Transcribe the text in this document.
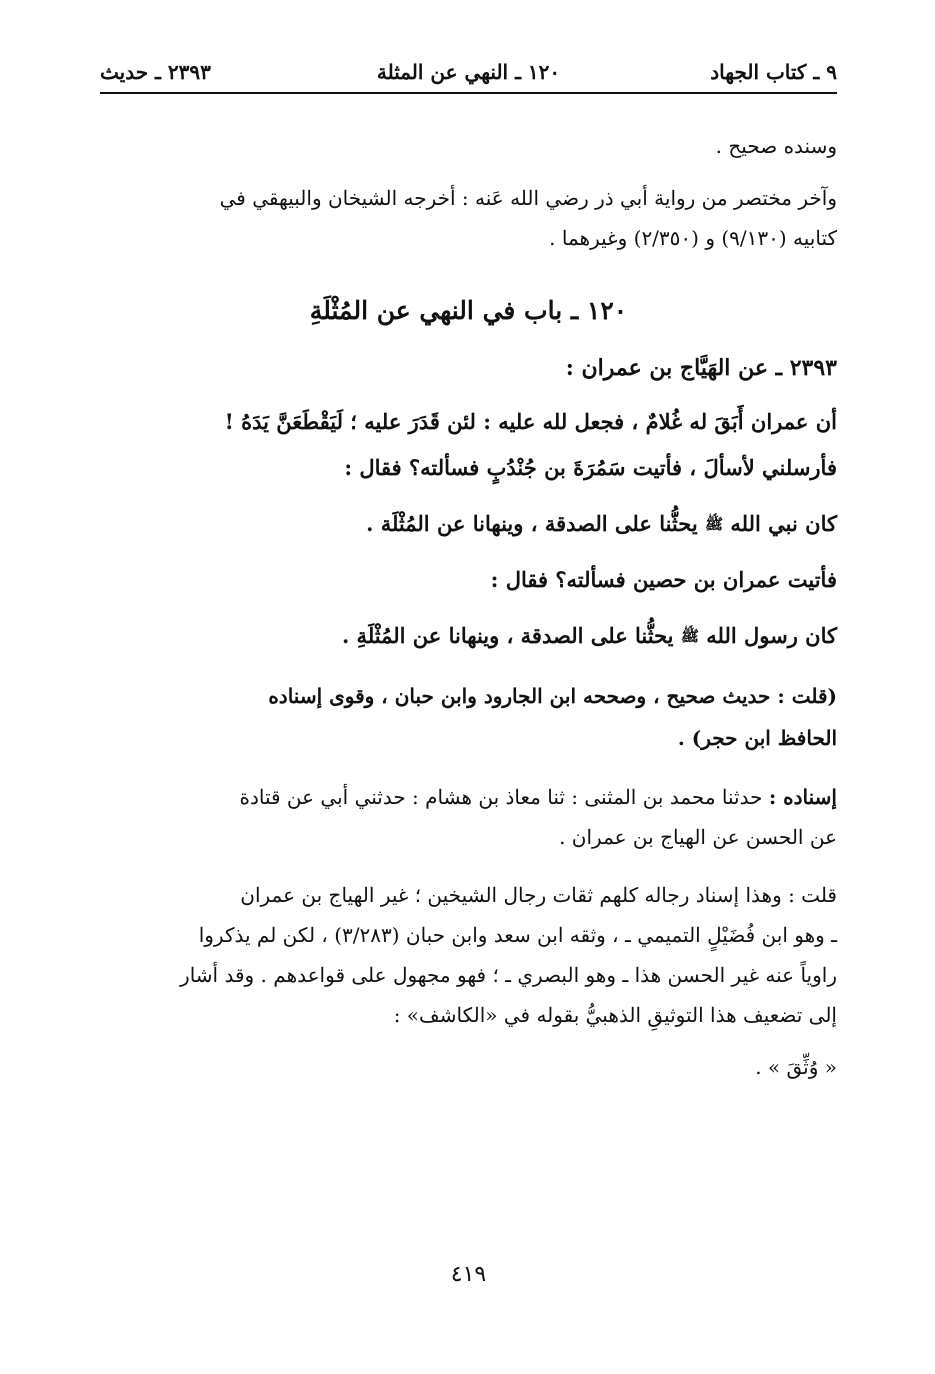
٩ ـ كتاب الجهاد
١٢٠ ـ النهي عن المثلة
٢٣٩٣ ـ حديث

وسنده صحيح .

وآخر مختصر من رواية أبي ذر رضي الله عَنه : أخرجه الشيخان والبيهقي في

كتابيه (٩/١٣٠) و (٢/٣٥٠) وغيرهما .

١٢٠ ـ باب في النهي عن المُثْلَةِ

٢٣٩٣ ـ عن الهَيَّاج بن عمران :

أن عمران أَبَقَ له غُلامٌ ، فجعل لله عليه : لئن قَدَرَ عليه ؛ لَيَقْطَعَنَّ يَدَهُ !

فأرسلني لأسألَ ، فأتيت سَمُرَةَ بن جُنْدُبٍ فسألته؟ فقال :

كان نبي الله ﷺ يحثُّنا على الصدقة ، وينهانا عن المُثْلَة .

فأتيت عمران بن حصين فسألته؟ فقال :

كان رسول الله ﷺ يحثُّنا على الصدقة ، وينهانا عن المُثْلَةِ .

(قلت : حديث صحيح ، وصححه ابن الجارود وابن حبان ، وقوى إسناده

الحافظ ابن حجر) .

إسناده : حدثنا محمد بن المثنى : ثنا معاذ بن هشام : حدثني أبي عن قتادة

عن الحسن عن الهياج بن عمران .

قلت : وهذا إسناد رجاله كلهم ثقات رجال الشيخين ؛ غير الهياج بن عمران

ـ وهو ابن فُضَيْلٍ التميمي ـ ، وثقه ابن سعد وابن حبان (٣/٢٨٣) ، لكن لم يذكروا

راوياً عنه غير الحسن هذا ـ وهو البصري ـ ؛ فهو مجهول على قواعدهم . وقد أشار

إلى تضعيف هذا التوثيقِ الذهبيُّ بقوله في «الكاشف» :

« وُثِّقَ » .

٤١٩
